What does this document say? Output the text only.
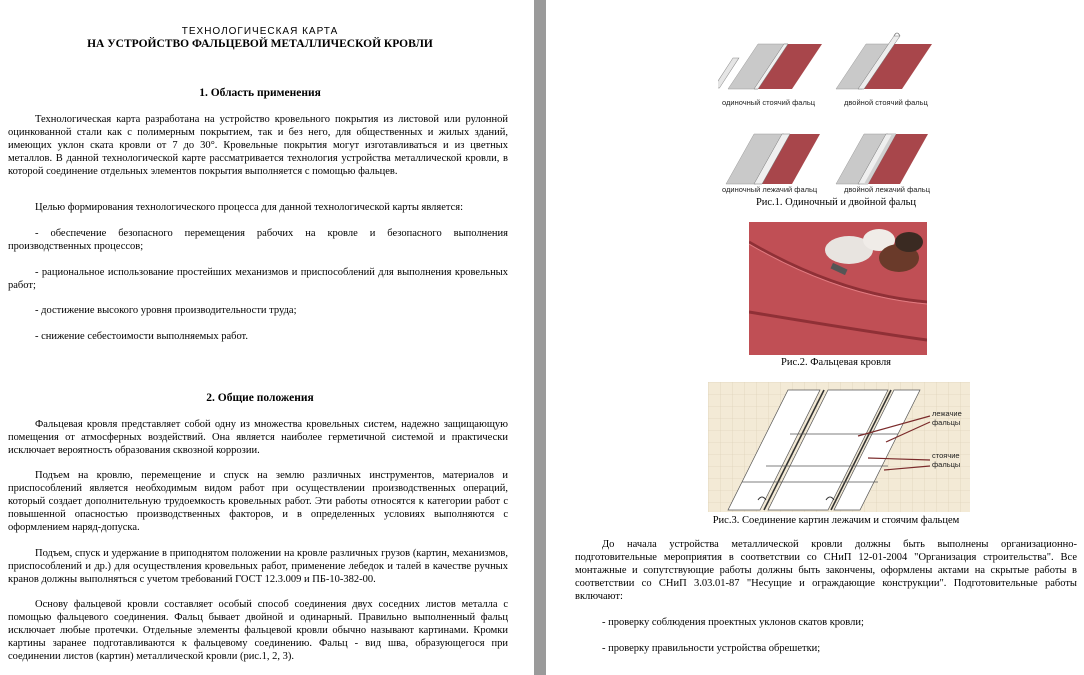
ТЕХНОЛОГИЧЕСКАЯ КАРТА
НА УСТРОЙСТВО ФАЛЬЦЕВОЙ МЕТАЛЛИЧЕСКОЙ КРОВЛИ
1. Область применения

Технологическая карта разработана на устройство кровельного покрытия из листовой или рулонной оцинкованной стали как с полимерным покрытием, так и без него, для общественных и жилых зданий, имеющих уклон ската кровли от 7 до 30°. Кровельные покрытия могут изготавливаться и из цветных металлов. В данной технологической карте рассматривается технология устройства металлической кровли, в которой соединение отдельных элементов покрытия выполняется с помощью фальцев.

Целью формирования технологического процесса для данной технологической карты является:

- обеспечение безопасного перемещения рабочих на кровле и безопасного выполнения производственных процессов;

- рациональное использование простейших механизмов и приспособлений для выполнения кровельных работ;

- достижение высокого уровня производительности труда;

- снижение себестоимости выполняемых работ.

2. Общие положения

Фальцевая кровля представляет собой одну из множества кровельных систем, надежно защищающую помещения от атмосферных воздействий. Она является наиболее герметичной системой и практически исключает вероятность образования сквозной коррозии.

Подъем на кровлю, перемещение и спуск на землю различных инструментов, материалов и приспособлений является необходимым видом работ при осуществлении производственных операций, который создает дополнительную трудоемкость кровельных работ. Эти работы относятся к категории работ с повышенной опасностью производственных факторов, и в определенных условиях выполняются с оформлением наряд-допуска.

Подъем, спуск и удержание в приподнятом положении на кровле различных грузов (картин, механизмов, приспособлений и др.) для осуществления кровельных работ, применение лебедок и талей в качестве ручных кранов должны выполняться с учетом требований ГОСТ 12.3.009 и ПБ-10-382-00.

Основу фальцевой кровли составляет особый способ соединения двух соседних листов металла с помощью фальцевого соединения. Фальц бывает двойной и одинарный. Правильно выполненный фальц исключает любые протечки. Отдельные элементы фальцевой кровли обычно называют картинами. Кромки картины заранее подготавливаются к фальцевому соединению. Фальц - вид шва, образующегося при соединении листов (картин) металлической кровли (рис.1, 2, 3).

одиночный стоячий фальц	двойной стоячий фальц
одиночный лежачий фальц	двойной лежачий фальц
Рис.1. Одиночный и двойной фальц
Рис.2. Фальцевая кровля
лежачие
фальцы
стоячие
фальцы
Рис.3. Соединение картин лежачим и стоячим фальцем

До начала устройства металлической кровли должны быть выполнены организационно-подготовительные мероприятия в соответствии со СНиП 12-01-2004 "Организация строительства". Все монтажные и сопутствующие работы должны быть закончены, оформлены актами на скрытые работы в соответствии со СНиП 3.03.01-87 "Несущие и ограждающие конструкции". Подготовительные работы включают:

- проверку соблюдения проектных уклонов скатов кровли;

- проверку правильности устройства обрешетки;
